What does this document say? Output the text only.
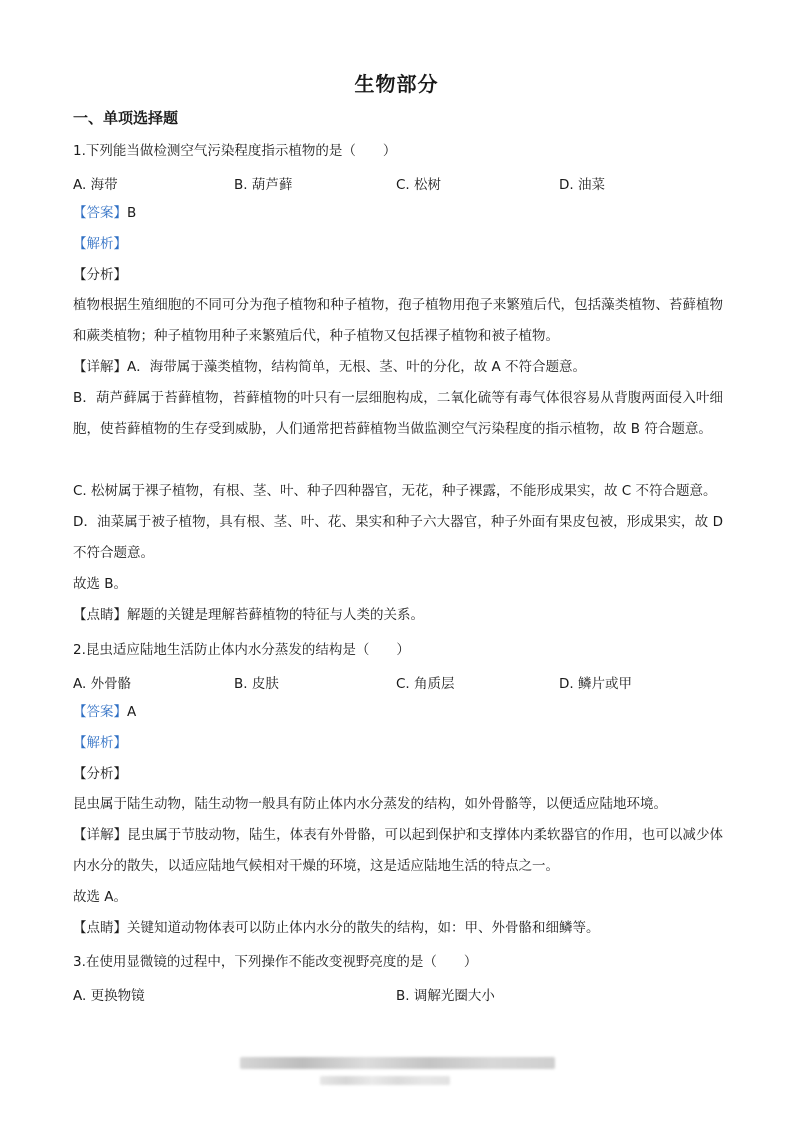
生物部分
一、单项选择题
1.下列能当做检测空气污染程度指示植物的是（　　）
A. 海带	B. 葫芦藓	C. 松树	D. 油菜
【答案】B
【解析】
【分析】
植物根据生殖细胞的不同可分为孢子植物和种子植物，孢子植物用孢子来繁殖后代，包括藻类植物、苔藓植物和蕨类植物；种子植物用种子来繁殖后代，种子植物又包括裸子植物和被子植物。
【详解】A．海带属于藻类植物，结构简单，无根、茎、叶的分化，故 A 不符合题意。
B．葫芦藓属于苔藓植物，苔藓植物的叶只有一层细胞构成，二氧化硫等有毒气体很容易从背腹两面侵入叶细胞，使苔藓植物的生存受到威胁，人们通常把苔藓植物当做监测空气污染程度的指示植物，故 B 符合题意。
C. 松树属于裸子植物，有根、茎、叶、种子四种器官，无花，种子裸露，不能形成果实，故 C 不符合题意。
D．油菜属于被子植物，具有根、茎、叶、花、果实和种子六大器官，种子外面有果皮包被，形成果实，故 D 不符合题意。
故选 B。
【点睛】解题的关键是理解苔藓植物的特征与人类的关系。
2.昆虫适应陆地生活防止体内水分蒸发的结构是（　　）
A. 外骨骼	B. 皮肤	C. 角质层	D. 鳞片或甲
【答案】A
【解析】
【分析】
昆虫属于陆生动物，陆生动物一般具有防止体内水分蒸发的结构，如外骨骼等，以便适应陆地环境。
【详解】昆虫属于节肢动物，陆生，体表有外骨骼，可以起到保护和支撑体内柔软器官的作用，也可以减少体内水分的散失，以适应陆地气候相对干燥的环境，这是适应陆地生活的特点之一。
故选 A。
【点睛】关键知道动物体表可以防止体内水分的散失的结构，如：甲、外骨骼和细鳞等。
3.在使用显微镜的过程中，下列操作不能改变视野亮度的是（　　）
A. 更换物镜	B. 调解光圈大小
